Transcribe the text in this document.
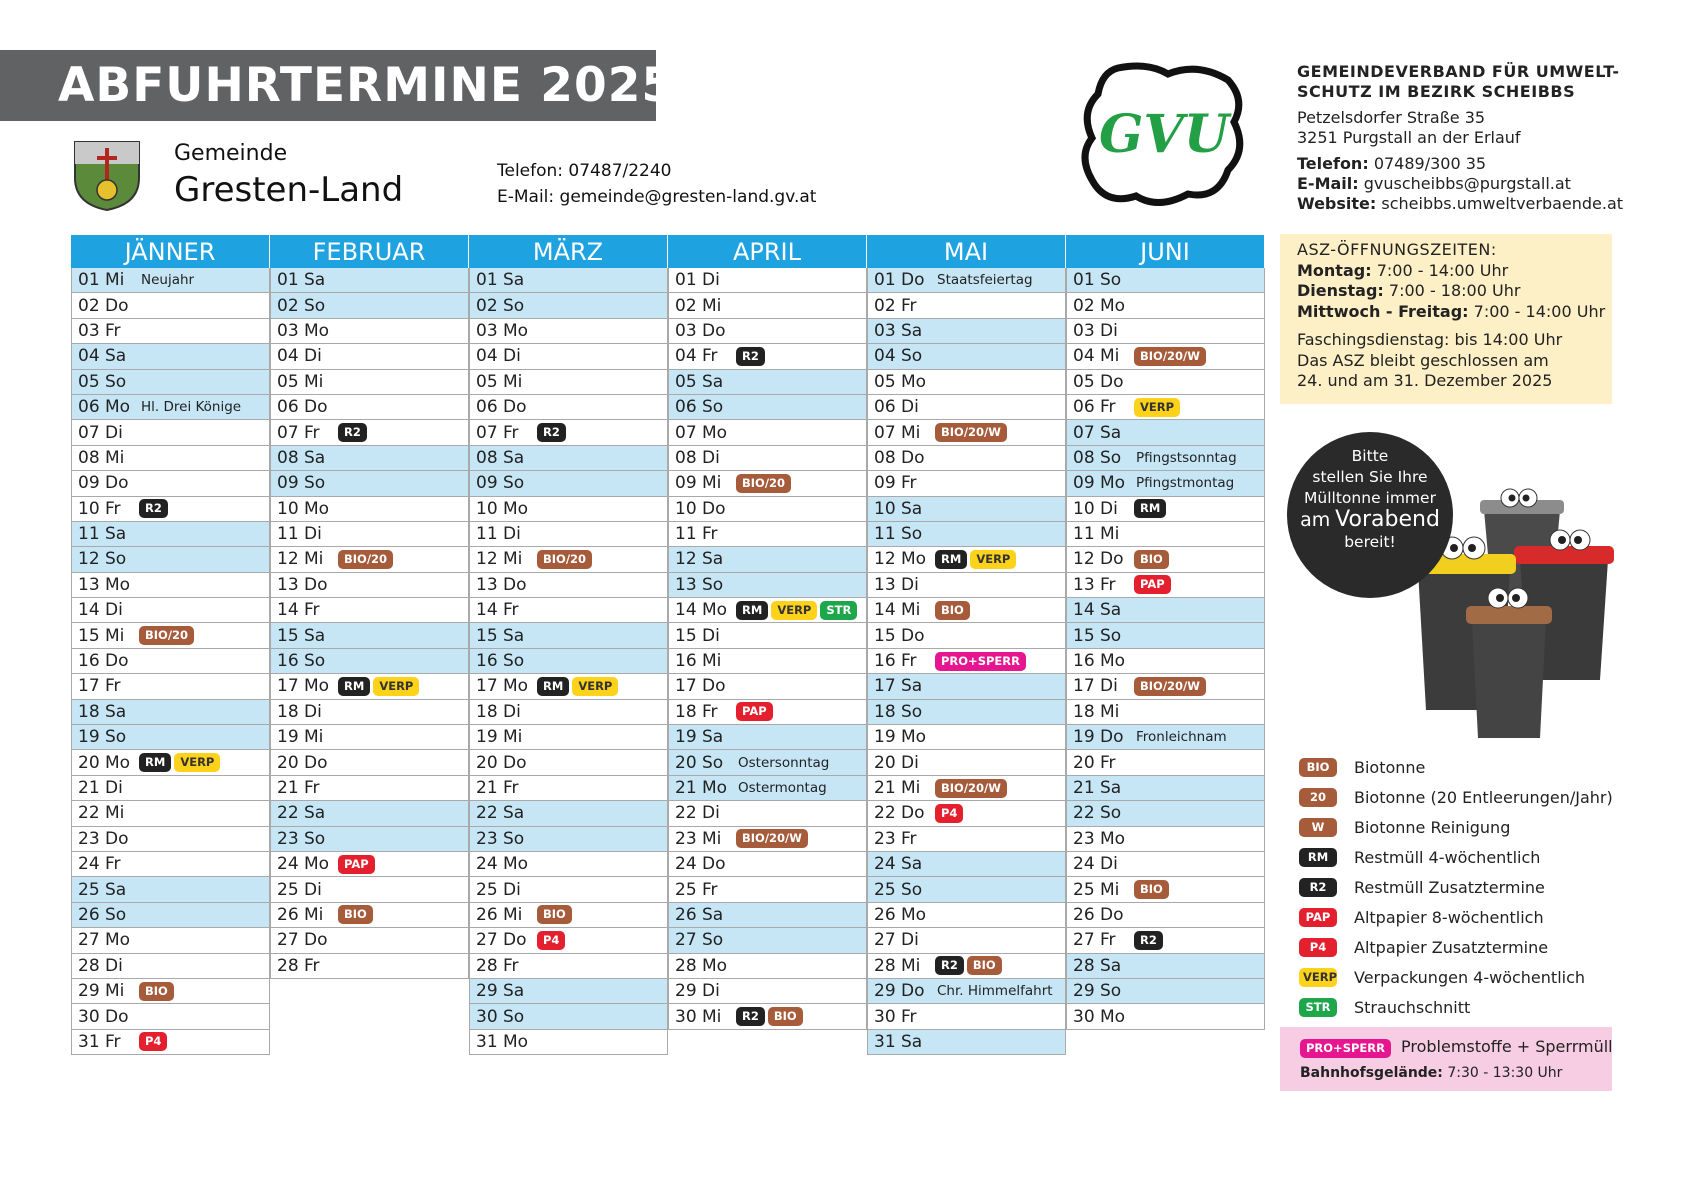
ABFUHRTERMINE 2025
Gemeinde
Gresten-Land	Telefon: 07487/2240
E-Mail: gemeinde@gresten-land.gv.at
GVU
GEMEINDEVERBAND FÜR UMWELT-
SCHUTZ IM BEZIRK SCHEIBBS
Petzelsdorfer Straße 35
3251 Purgstall an der Erlauf
Telefon: 07489/300 35
E-Mail: gvuscheibbs@purgstall.at
Website: scheibbs.umweltverbaende.at
JÄNNER
01 Mi	Neujahr
02 Do
03 Fr
04 Sa
05 So
06 Mo Hl. Drei Könige
07 Di
08 Mi
09 Do
10 Fr	R2
11 Sa
12 So
13 Mo
14 Di
15 Mi	BIO/20
16 Do
17 Fr
18 Sa
19 So
20 Mo	RM	VERP
21 Di
22 Mi
23 Do
24 Fr
25 Sa
26 So
27 Mo
28 Di
29 Mi	BIO
30 Do
31 Fr	P4
FEBRUAR
01 Sa
02 So
03 Mo
04 Di
05 Mi
06 Do
07 Fr	R2
08 Sa
09 So
10 Mo
11 Di
12 Mi	BIO/20
13 Do
14 Fr
15 Sa
16 So
17 Mo	RM	VERP
18 Di
19 Mi
20 Do
21 Fr
22 Sa
23 So
24 Mo	PAP
25 Di
26 Mi	BIO
27 Do
28 Fr
MÄRZ
01 Sa
02 So
03 Mo
04 Di
05 Mi
06 Do
07 Fr	R2
08 Sa
09 So
10 Mo
11 Di
12 Mi	BIO/20
13 Do
14 Fr
15 Sa
16 So
17 Mo	RM	VERP
18 Di
19 Mi
20 Do
21 Fr
22 Sa
23 So
24 Mo
25 Di
26 Mi	BIO
27 Do	P4
28 Fr
29 Sa
30 So
31 Mo
APRIL
01 Di
02 Mi
03 Do
04 Fr	R2
05 Sa
06 So
07 Mo
08 Di
09 Mi	BIO/20
10 Do
11 Fr
12 Sa
13 So
14 Mo	RM	VERP	STR
15 Di
16 Mi
17 Do
18 Fr	PAP
19 Sa
20 So	Ostersonntag
21 Mo Ostermontag
22 Di
23 Mi	BIO/20/W
24 Do
25 Fr
26 Sa
27 So
28 Mo
29 Di
30 Mi	R2	BIO
MAI
01 Do Staatsfeiertag
02 Fr
03 Sa
04 So
05 Mo
06 Di
07 Mi	BIO/20/W
08 Do
09 Fr
10 Sa
11 So
12 Mo	RM	VERP
13 Di
14 Mi	BIO
15 Do
16 Fr	PRO+SPERR
17 Sa
18 So
19 Mo
20 Di
21 Mi	BIO/20/W
22 Do	P4
23 Fr
24 Sa
25 So
26 Mo
27 Di
28 Mi	R2	BIO
29 Do Chr. Himmelfahrt
30 Fr
31 Sa
JUNI
01 So
02 Mo
03 Di
04 Mi	BIO/20/W
05 Do
06 Fr	VERP
07 Sa
08 So	Pfingstsonntag
09 Mo Pfingstmontag
10 Di	RM
11 Mi
12 Do	BIO
13 Fr	PAP
14 Sa
15 So
16 Mo
17 Di	BIO/20/W
18 Mi
19 Do Fronleichnam
20 Fr
21 Sa
22 So
23 Mo
24 Di
25 Mi	BIO
26 Do
27 Fr	R2
28 Sa
29 So
30 Mo
ASZ-ÖFFNUNGSZEITEN:
Montag: 7:00 - 14:00 Uhr
Dienstag: 7:00 - 18:00 Uhr
Mittwoch - Freitag: 7:00 - 14:00 Uhr
Faschingsdienstag: bis 14:00 Uhr
Das ASZ bleibt geschlossen am
24. und am 31. Dezember 2025
Bitte
stellen Sie Ihre
Mülltonne immer
am Vorabend
bereit!
BIO	Biotonne
20	Biotonne (20 Entleerungen/Jahr)
W	Biotonne Reinigung
RM	Restmüll 4-wöchentlich
R2	Restmüll Zusatztermine
PAP	Altpapier 8-wöchentlich
P4	Altpapier Zusatztermine
VERP Verpackungen 4-wöchentlich
STR	Strauchschnitt
PRO+SPERR Problemstoffe + Sperrmüll
Bahnhofsgelände: 7:30 - 13:30 Uhr
